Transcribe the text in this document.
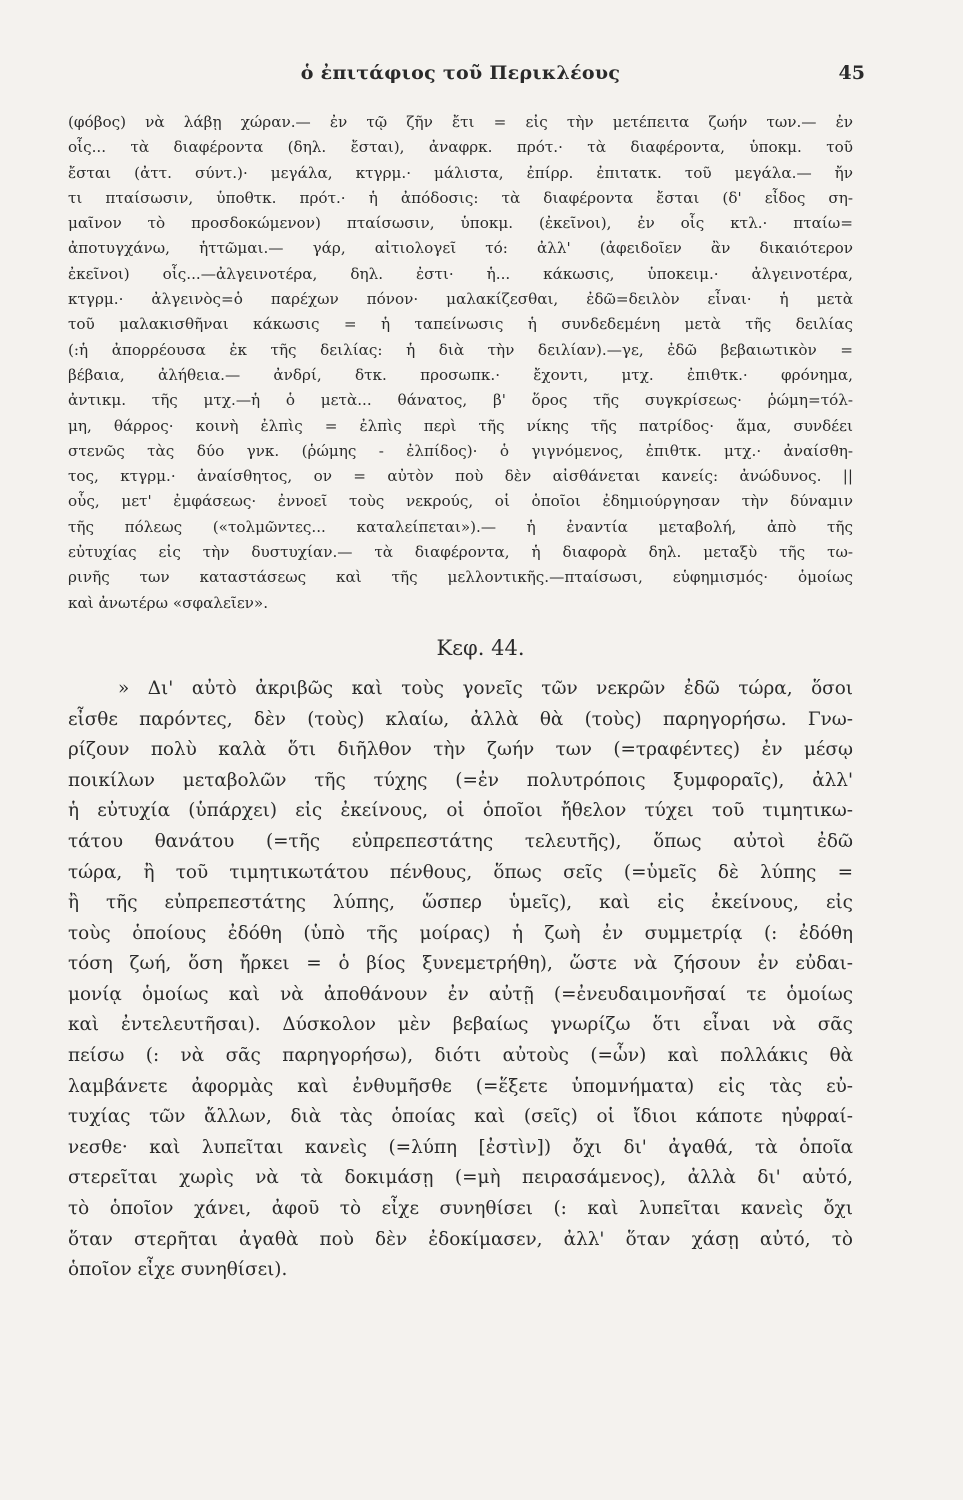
ὁ ἐπιτάφιος τοῦ Περικλέους	45
(φόβος) νὰ λάβῃ χώραν.— ἐν τῷ ζῆν ἔτι = εἰς τὴν μετέπειτα ζωήν των.— ἐν
οἷς... τὰ διαφέροντα (δηλ. ἔσται), ἀναφρκ. πρότ.· τὰ διαφέροντα, ὑποκμ. τοῦ
ἔσται (ἀττ. σύντ.)· μεγάλα, κτγρμ.· μάλιστα, ἐπίρρ. ἐπιτατκ. τοῦ μεγάλα.— ἤν
τι πταίσωσιν, ὑποθτκ. πρότ.· ἡ ἀπόδοσις: τὰ διαφέροντα ἔσται (δ' εἶδος ση-
μαῖνον τὸ προσδοκώμενον) πταίσωσιν, ὑποκμ. (ἐκεῖνοι), ἐν οἷς κτλ.· πταίω=
ἀποτυγχάνω, ἡττῶμαι.— γάρ, αἰτιολογεῖ τό: ἀλλ' (ἀφειδοῖεν ἂν δικαιότερον
ἐκεῖνοι) οἷς...—ἀλγεινοτέρα, δηλ. ἐστι· ἡ... κάκωσις, ὑποκειμ.· ἀλγεινοτέρα,
κτγρμ.· ἀλγεινὸς=ὁ παρέχων πόνον· μαλακίζεσθαι, ἐδῶ=δειλὸν εἶναι· ἡ μετὰ
τοῦ μαλακισθῆναι κάκωσις = ἡ ταπείνωσις ἡ συνδεδεμένη μετὰ τῆς δειλίας
(:ἡ ἀπορρέουσα ἐκ τῆς δειλίας: ἡ διὰ τὴν δειλίαν).—γε, ἐδῶ βεβαιωτικὸν =
βέβαια, ἀλήθεια.— ἀνδρί, δτκ. προσωπκ.· ἔχοντι, μτχ. ἐπιθτκ.· φρόνημα,
ἀντικμ. τῆς μτχ.—ἡ ὁ μετὰ... θάνατος, β' ὅρος τῆς συγκρίσεως· ῥώμη=τόλ-
μη, θάρρος· κοινὴ ἐλπὶς = ἐλπὶς περὶ τῆς νίκης τῆς πατρίδος· ἅμα, συνδέει
στενῶς τὰς δύο γνκ. (ῥώμης - ἐλπίδος)· ὁ γιγνόμενος, ἐπιθτκ. μτχ.· ἀναίσθη-
τος, κτγρμ.· ἀναίσθητος, ον = αὐτὸν ποὺ δὲν αἰσθάνεται κανείς: ἀνώδυνος. ||
οὗς, μετ' ἐμφάσεως· ἐννοεῖ τοὺς νεκρούς, οἱ ὁποῖοι ἐδημιούργησαν τὴν δύναμιν
τῆς πόλεως («τολμῶντες... καταλείπεται»).— ἡ ἐναντία μεταβολή, ἀπὸ τῆς
εὐτυχίας εἰς τὴν δυστυχίαν.— τὰ διαφέροντα, ἡ διαφορὰ δηλ. μεταξὺ τῆς τω-
ρινῆς των καταστάσεως καὶ τῆς μελλοντικῆς.—πταίσωσι, εὑφημισμός· ὁμοίως
καὶ ἀνωτέρω «σφαλεῖεν».
Κεφ. 44.
» Δι' αὐτὸ ἀκριβῶς καὶ τοὺς γονεῖς τῶν νεκρῶν ἐδῶ τώρα, ὅσοι
εἶσθε παρόντες, δὲν (τοὺς) κλαίω, ἀλλὰ θὰ (τοὺς) παρηγορήσω. Γνω-
ρίζουν πολὺ καλὰ ὅτι διῆλθον τὴν ζωήν των (=τραφέντες) ἐν μέσῳ
ποικίλων μεταβολῶν τῆς τύχης (=ἐν πολυτρόποις ξυμφοραῖς), ἀλλ'
ἡ εὐτυχία (ὑπάρχει) εἰς ἐκείνους, οἱ ὁποῖοι ἤθελον τύχει τοῦ τιμητικω-
τάτου θανάτου (=τῆς εὐπρεπεστάτης τελευτῆς), ὅπως αὐτοὶ ἐδῶ
τώρα, ἢ τοῦ τιμητικωτάτου πένθους, ὅπως σεῖς (=ὑμεῖς δὲ λύπης =
ἢ τῆς εὐπρεπεστάτης λύπης, ὥσπερ ὑμεῖς), καὶ εἰς ἐκείνους, εἰς
τοὺς ὁποίους ἐδόθη (ὑπὸ τῆς μοίρας) ἡ ζωὴ ἐν συμμετρίᾳ (: ἐδόθη
τόση ζωή, ὅση ἤρκει = ὁ βίος ξυνεμετρήθη), ὥστε νὰ ζήσουν ἐν εὐδαι-
μονίᾳ ὁμοίως καὶ νὰ ἀποθάνουν ἐν αὐτῇ (=ἐνευδαιμονῆσαί τε ὁμοίως
καὶ ἐντελευτῆσαι). Δύσκολον μὲν βεβαίως γνωρίζω ὅτι εἶναι νὰ σᾶς
πείσω (: νὰ σᾶς παρηγορήσω), διότι αὐτοὺς (=ὧν) καὶ πολλάκις θὰ
λαμβάνετε ἀφορμὰς καὶ ἐνθυμῆσθε (=ἕξετε ὑπομνήματα) εἰς τὰς εὐ-
τυχίας τῶν ἄλλων, διὰ τὰς ὁποίας καὶ (σεῖς) οἱ ἴδιοι κάποτε ηὐφραί-
νεσθε· καὶ λυπεῖται κανεὶς (=λύπη [ἐστὶν]) ὄχι δι' ἀγαθά, τὰ ὁποῖα
στερεῖται χωρὶς νὰ τὰ δοκιμάσῃ (=μὴ πειρασάμενος), ἀλλὰ δι' αὐτό,
τὸ ὁποῖον χάνει, ἀφοῦ τὸ εἶχε συνηθίσει (: καὶ λυπεῖται κανεὶς ὄχι
ὅταν στερῆται ἀγαθὰ ποὺ δὲν ἐδοκίμασεν, ἀλλ' ὅταν χάσῃ αὐτό, τὸ
ὁποῖον εἶχε συνηθίσει).
